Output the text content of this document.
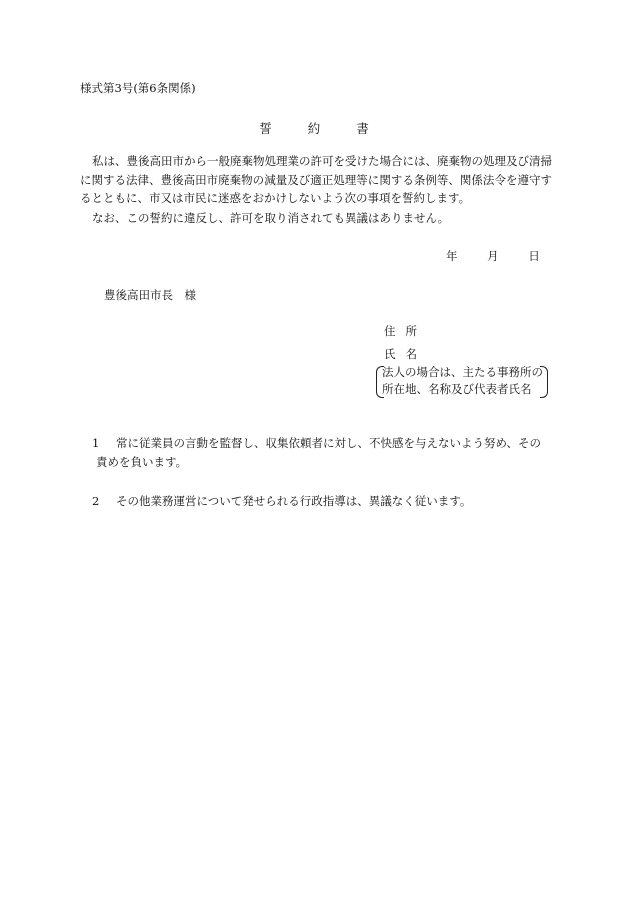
様式第3号(第6条関係)
誓	約	書
私は、豊後高田市から一般廃棄物処理業の許可を受けた場合には、廃棄物の処理及び清掃に関する法律、豊後高田市廃棄物の減量及び適正処理等に関する条例等、関係法令を遵守するとともに、市又は市民に迷惑をおかけしないよう次の事項を誓約します。
なお、この誓約に違反し、許可を取り消されても異議はありません。
年	月	日
豊後高田市長　様
住所
氏名
法人の場合は、主たる事務所の
所在地、名称及び代表者氏名
1 常に従業員の言動を監督し、収集依頼者に対し、不快感を与えないよう努め、その
責めを負います。
2 その他業務運営について発せられる行政指導は、異議なく従います。
